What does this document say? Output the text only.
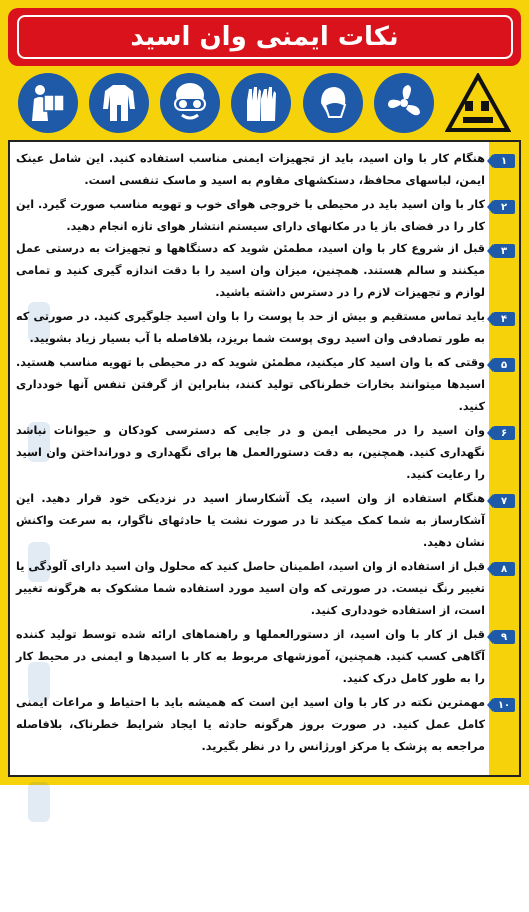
نکات ایمنی وان اسید
۱
هنگام کار با وان اسید، باید از تجهیزات ایمنی مناسب استفاده کنید. این شامل عینک ایمن، لباسهای محافظ، دستکشهای مقاوم به اسید و ماسک تنفسی است.
۲
کار با وان اسید باید در محیطی با خروجی هوای خوب و تهویه مناسب صورت گیرد. این کار را در فضای باز یا در مکانهای دارای سیستم انتشار هوای تازه انجام دهید.
۳
قبل از شروع کار با وان اسید، مطمئن شوید که دستگاهها و تجهیزات به درستی عمل میکنند و سالم هستند. همچنین، میزان وان اسید را با دقت اندازه گیری کنید و تمامی لوازم و تجهیزات لازم را در دسترس داشته باشید.
۴
باید تماس مستقیم و بیش از حد با پوست را با وان اسید جلوگیری کنید. در صورتی که به طور تصادفی وان اسید روی پوست شما بریزد، بلافاصله با آب بسیار زیاد بشویید.
۵
وقتی که با وان اسید کار میکنید، مطمئن شوید که در محیطی با تهویه مناسب هستید. اسیدها میتوانند بخارات خطرناکی تولید کنند، بنابراین از گرفتن تنفس آنها خودداری کنید.
۶
وان اسید را در محیطی ایمن و در جایی که دسترسی کودکان و حیوانات نباشد نگهداری کنید. همچنین، به دقت دستورالعمل ها برای نگهداری و دورانداختن وان اسید را رعایت کنید.
۷
هنگام استفاده از وان اسید، یک آشکارساز اسید در نزدیکی خود قرار دهید. این آشکارساز به شما کمک میکند تا در صورت نشت یا حادثهای ناگوار، به سرعت واکنش نشان دهید.
۸
قبل از استفاده از وان اسید، اطمینان حاصل کنید که محلول وان اسید دارای آلودگی یا تغییر رنگ نیست. در صورتی که وان اسید مورد استفاده شما مشکوک به هرگونه تغییر است، از استفاده خودداری کنید.
۹
قبل از کار با وان اسید، از دستورالعملها و راهنماهای ارائه شده توسط تولید کننده آگاهی کسب کنید. همچنین، آموزشهای مربوط به کار با اسیدها و ایمنی در محیط کار را به طور کامل درک کنید.
۱۰
مهمترین نکته در کار با وان اسید این است که همیشه باید با احتیاط و مراعات ایمنی کامل عمل کنید. در صورت بروز هرگونه حادثه یا ایجاد شرایط خطرناک، بلافاصله مراجعه به پزشک یا مرکز اورژانس را در نظر بگیرید.
